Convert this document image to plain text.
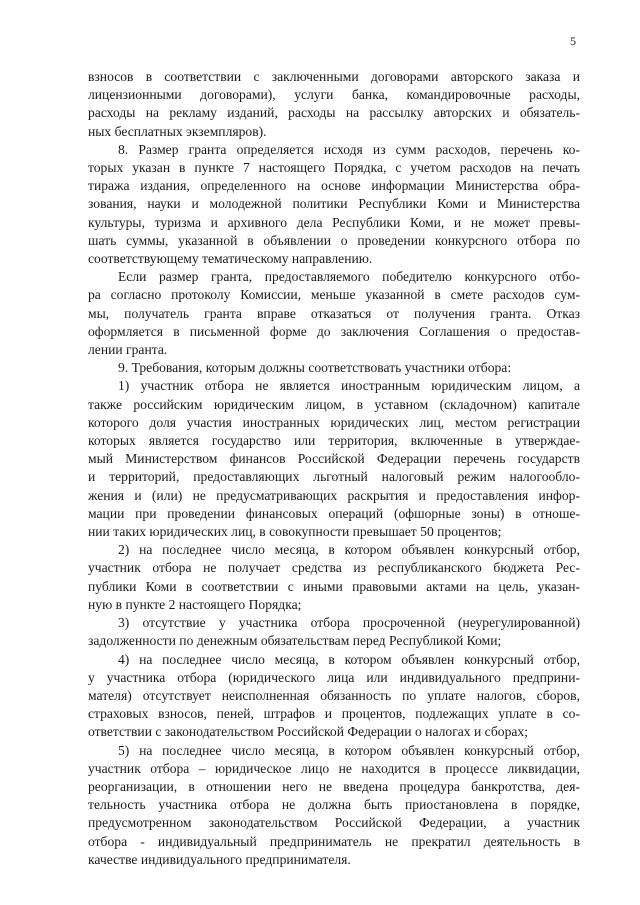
5
взносов в соответствии с заключенными договорами авторского заказа и
лицензионными договорами), услуги банка, командировочные расходы,
расходы на рекламу изданий, расходы на рассылку авторских и обязатель-
ных бесплатных экземпляров).
8. Размер гранта определяется исходя из сумм расходов, перечень ко-
торых указан в пункте 7 настоящего Порядка, с учетом расходов на печать
тиража издания, определенного на основе информации Министерства обра-
зования, науки и молодежной политики Республики Коми и Министерства
культуры, туризма и архивного дела Республики Коми, и не может превы-
шать суммы, указанной в объявлении о проведении конкурсного отбора по
соответствующему тематическому направлению.
Если размер гранта, предоставляемого победителю конкурсного отбо-
ра согласно протоколу Комиссии, меньше указанной в смете расходов сум-
мы, получатель гранта вправе отказаться от получения гранта. Отказ
оформляется в письменной форме до заключения Соглашения о предостав-
лении гранта.
9. Требования, которым должны соответствовать участники отбора:
1) участник отбора не является иностранным юридическим лицом, а
также российским юридическим лицом, в уставном (складочном) капитале
которого доля участия иностранных юридических лиц, местом регистрации
которых является государство или территория, включенные в утверждае-
мый Министерством финансов Российской Федерации перечень государств
и территорий, предоставляющих льготный налоговый режим налогообло-
жения и (или) не предусматривающих раскрытия и предоставления инфор-
мации при проведении финансовых операций (офшорные зоны) в отноше-
нии таких юридических лиц, в совокупности превышает 50 процентов;
2) на последнее число месяца, в котором объявлен конкурсный отбор,
участник отбора не получает средства из республиканского бюджета Рес-
публики Коми в соответствии с иными правовыми актами на цель, указан-
ную в пункте 2 настоящего Порядка;
3) отсутствие у участника отбора просроченной (неурегулированной)
задолженности по денежным обязательствам перед Республикой Коми;
4) на последнее число месяца, в котором объявлен конкурсный отбор,
у участника отбора (юридического лица или индивидуального предприни-
мателя) отсутствует неисполненная обязанность по уплате налогов, сборов,
страховых взносов, пеней, штрафов и процентов, подлежащих уплате в со-
ответствии с законодательством Российской Федерации о налогах и сборах;
5) на последнее число месяца, в котором объявлен конкурсный отбор,
участник отбора – юридическое лицо не находится в процессе ликвидации,
реорганизации, в отношении него не введена процедура банкротства, дея-
тельность участника отбора не должна быть приостановлена в порядке,
предусмотренном законодательством Российской Федерации, а участник
отбора - индивидуальный предприниматель не прекратил деятельность в
качестве индивидуального предпринимателя.
